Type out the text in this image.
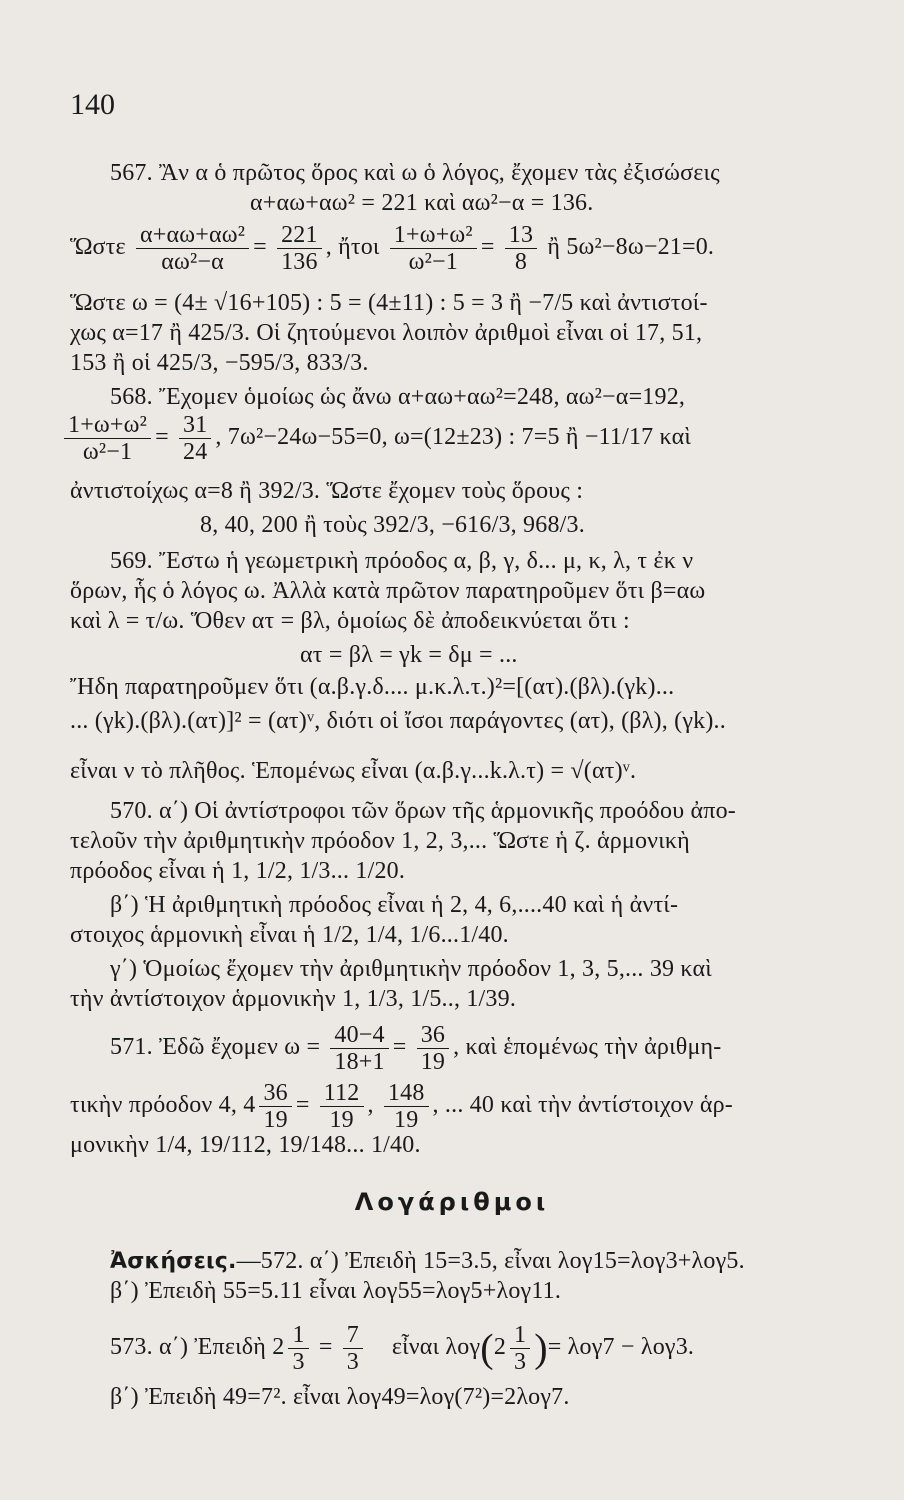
140
567. Ἂν α ὁ πρῶτος ὅρος καὶ ω ὁ λόγος, ἔχομεν τὰς ἐξισώσεις
α+αω+αω² = 221 καὶ αω²−α = 136.
Ὥστε $\frac{\text{α+αω+αω²}}{\text{αω²−α}} = \frac{221}{136}$ , ἤτοι $\frac{\text{1+ω+ω²}}{\text{ω²−1}} = \frac{13}{8}$ ἢ 5ω²−8ω−21=0.
Ὥστε ω = (4± √16+105) : 5 = (4±11) : 5 = 3 ἢ −7/5 καὶ ἀντιστοί-
χως α=17 ἢ 425/3. Οἱ ζητούμενοι λοιπὸν ἀριθμοὶ εἶναι οἱ 17, 51,
153 ἢ οἱ 425/3, −595/3, 833/3.
568. Ἔχομεν ὁμοίως ὡς ἄνω α+αω+αω²=248, αω²−α=192,
$\frac{\text{1+ω+ω²}}{\text{ω²−1}} = \frac{31}{24}$ , 7ω²−24ω−55=0, ω=(12±23) : 7=5 ἢ −11/17 καὶ
ἀντιστοίχως α=8 ἢ 392/3. Ὥστε ἔχομεν τοὺς ὅρους :
8, 40, 200 ἢ τοὺς 392/3, −616/3, 968/3.
569. Ἔστω ἡ γεωμετρικὴ πρόοδος α, β, γ, δ... μ, κ, λ, τ ἐκ ν
ὅρων, ἧς ὁ λόγος ω. Ἀλλὰ κατὰ πρῶτον παρατηροῦμεν ὅτι β=αω
καὶ λ = τ/ω. Ὅθεν ατ = βλ, ὁμοίως δὲ ἀποδεικνύεται ὅτι :
ατ = βλ = γk = δμ = ...
Ἤδη παρατηροῦμεν ὅτι (α.β.γ.δ.... μ.κ.λ.τ.)²=[(ατ).(βλ).(γk)...
... (γk).(βλ).(ατ)]² = (ατ)ᵛ, διότι οἱ ἴσοι παράγοντες (ατ), (βλ), (γk)..
εἶναι ν τὸ πλῆθος. Ἑπομένως εἶναι (α.β.γ...k.λ.τ) = √(ατ)ᵛ.
570. α΄) Οἱ ἀντίστροφοι τῶν ὅρων τῆς ἁρμονικῆς προόδου ἀπο-
τελοῦν τὴν ἀριθμητικὴν πρόοδον 1, 2, 3,... Ὥστε ἡ ζ. ἁρμονικὴ
πρόοδος εἶναι ἡ 1, 1/2, 1/3... 1/20.
β΄) Ἡ ἀριθμητικὴ πρόοδος εἶναι ἡ 2, 4, 6,....40 καὶ ἡ ἀντί-
στοιχος ἁρμονικὴ εἶναι ἡ 1/2, 1/4, 1/6...1/40.
γ΄) Ὁμοίως ἔχομεν τὴν ἀριθμητικὴν πρόοδον 1, 3, 5,... 39 καὶ
τὴν ἀντίστοιχον ἁρμονικὴν 1, 1/3, 1/5.., 1/39.
571. Ἐδῶ ἔχομεν $\omega = \frac{40-4}{18+1} = \frac{36}{19}$ , καὶ ἑπομένως τὴν ἀριθμη-
τικὴν πρόοδον 4, $4 \frac{36}{19} = \frac{112}{19}$ , $\frac{148}{19}$ , ... 40 καὶ τὴν ἀντίστοιχον ἁρ-
μονικὴν 1/4, 19/112, 19/148... 1/40.
Λογάριθμοι
Ἀσκήσεις.—572. α΄) Ἐπειδὴ 15=3.5, εἶναι λογ15=λογ3+λογ5.
β΄) Ἐπειδὴ 55=5.11 εἶναι λογ55=λογ5+λογ11.
573. α΄) Ἐπειδὴ $2 \frac{1}{3} = \frac{7}{3}$ εἶναι $\lambda o\gamma(2 \frac{1}{3}$ )= λογ7 − λογ3.
β΄) Ἐπειδὴ 49=7². εἶναι λογ49=λογ(7²)=2λογ7.
